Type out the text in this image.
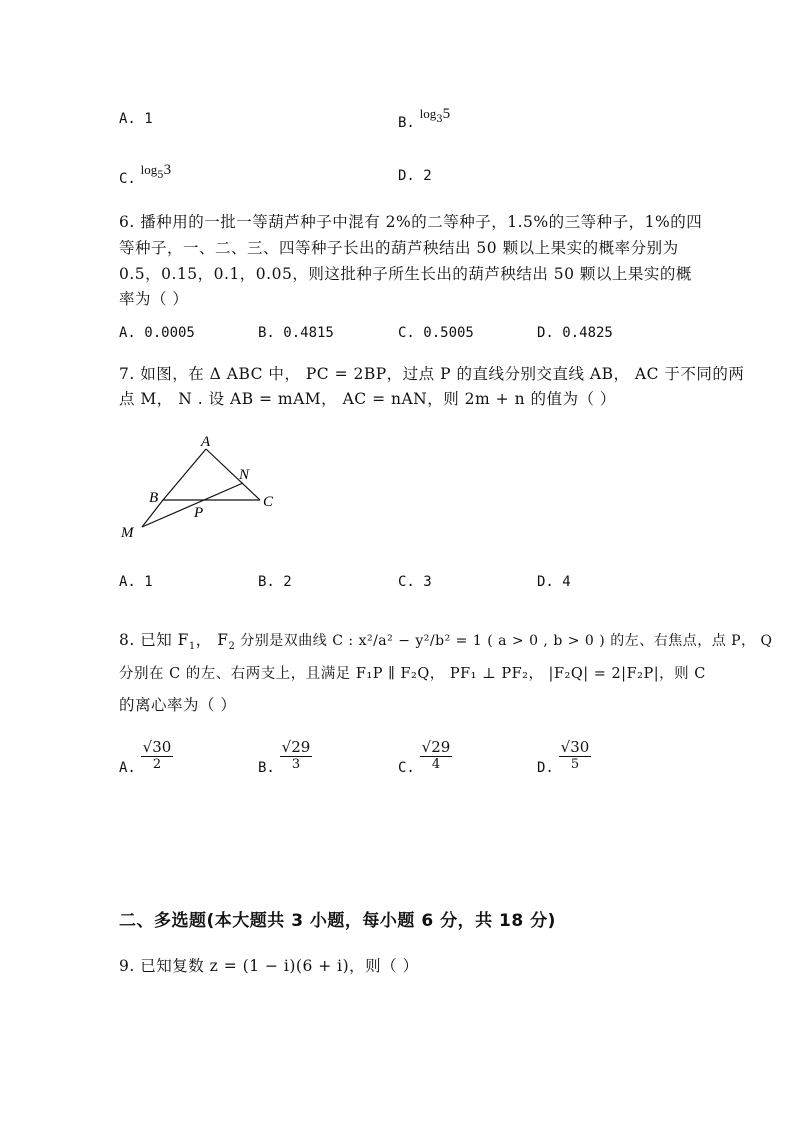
A. 1	B. $\log_35$
C. $\log_53$	D. 2
6. 播种用的一批一等葫芦种子中混有 2%的二等种子，1.5%的三等种子，1%的四
等种子，一、二、三、四等种子长出的葫芦秧结出 50 颗以上果实的概率分别为
0.5，0.15，0.1，0.05，则这批种子所生长出的葫芦秧结出 50 颗以上果实的概
率为（ ）
A. 0.0005	B. 0.4815	C. 0.5005	D. 0.4825
7. 如图，在 Δ ABC 中， PC = 2BP，过点 P 的直线分别交直线 AB， AC 于不同的两
点 M， N . 设 AB = mAM， AC = nAN，则 2m + n 的值为（ ）
A
N
B
P
C
M
A. 1	B. 2	C. 3	D. 4
8. 已知 $F_1$， $F_2$ 分别是双曲线 C : x²/a² − y²/b² = 1 ( a > 0 , b > 0 ) 的左、右焦点，点 P， Q
分别在 C 的左、右两支上，且满足 F₁P ∥ F₂Q， PF₁ ⊥ PF₂， |F₂Q| = 2|F₂P|，则 C
的离心率为（ ）
A. $\frac{√30}{2}$	B. $\frac{√29}{3}$	C. $\frac{√29}{4}$	D. $\frac{√30}{5}$
二、多选题(本大题共 3 小题，每小题 6 分，共 18 分)
9. 已知复数 z = (1 − i)(6 + i)，则（ ）
